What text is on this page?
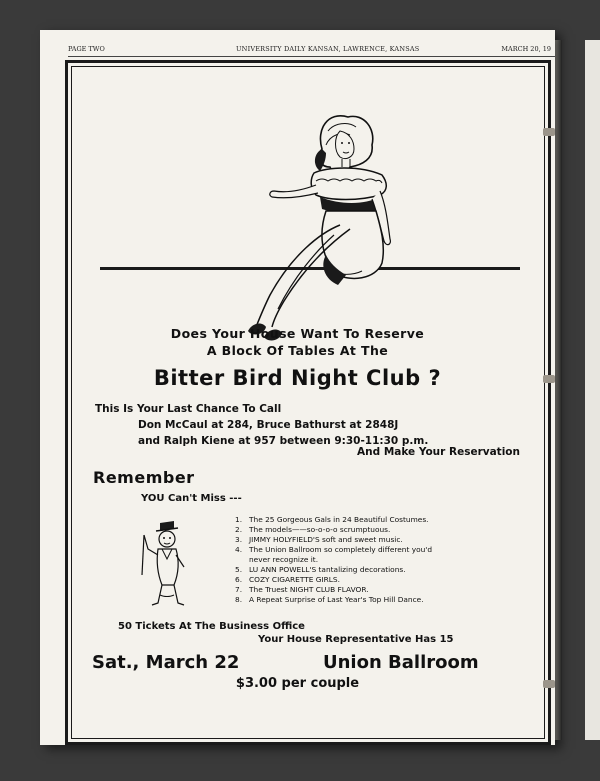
PAGE TWO	UNIVERSITY DAILY KANSAN, LAWRENCE, KANSAS	MARCH 20, 19
Does Your House Want To Reserve
A Block Of Tables At The
Bitter Bird Night Club ?
This Is Your Last Chance To Call
Don McCaul at 284, Bruce Bathurst at 2848J
and Ralph Kiene at 957 between 9:30-11:30 p.m.
And Make Your Reservation
Remember
YOU Can't Miss ---
1. The 25 Gorgeous Gals in 24 Beautiful Costumes.
2. The models——so-o-o-o scrumptuous.
3. JIMMY HOLYFIELD'S soft and sweet music.
4. The Union Ballroom so completely different you'd
never recognize it.
5. LU ANN POWELL'S tantalizing decorations.
6. COZY CIGARETTE GIRLS.
7. The Truest NIGHT CLUB FLAVOR.
8. A Repeat Surprise of Last Year's Top Hill Dance.
50 Tickets At The Business Office
Your House Representative Has 15
Sat., March 22	Union Ballroom
$3.00 per couple
